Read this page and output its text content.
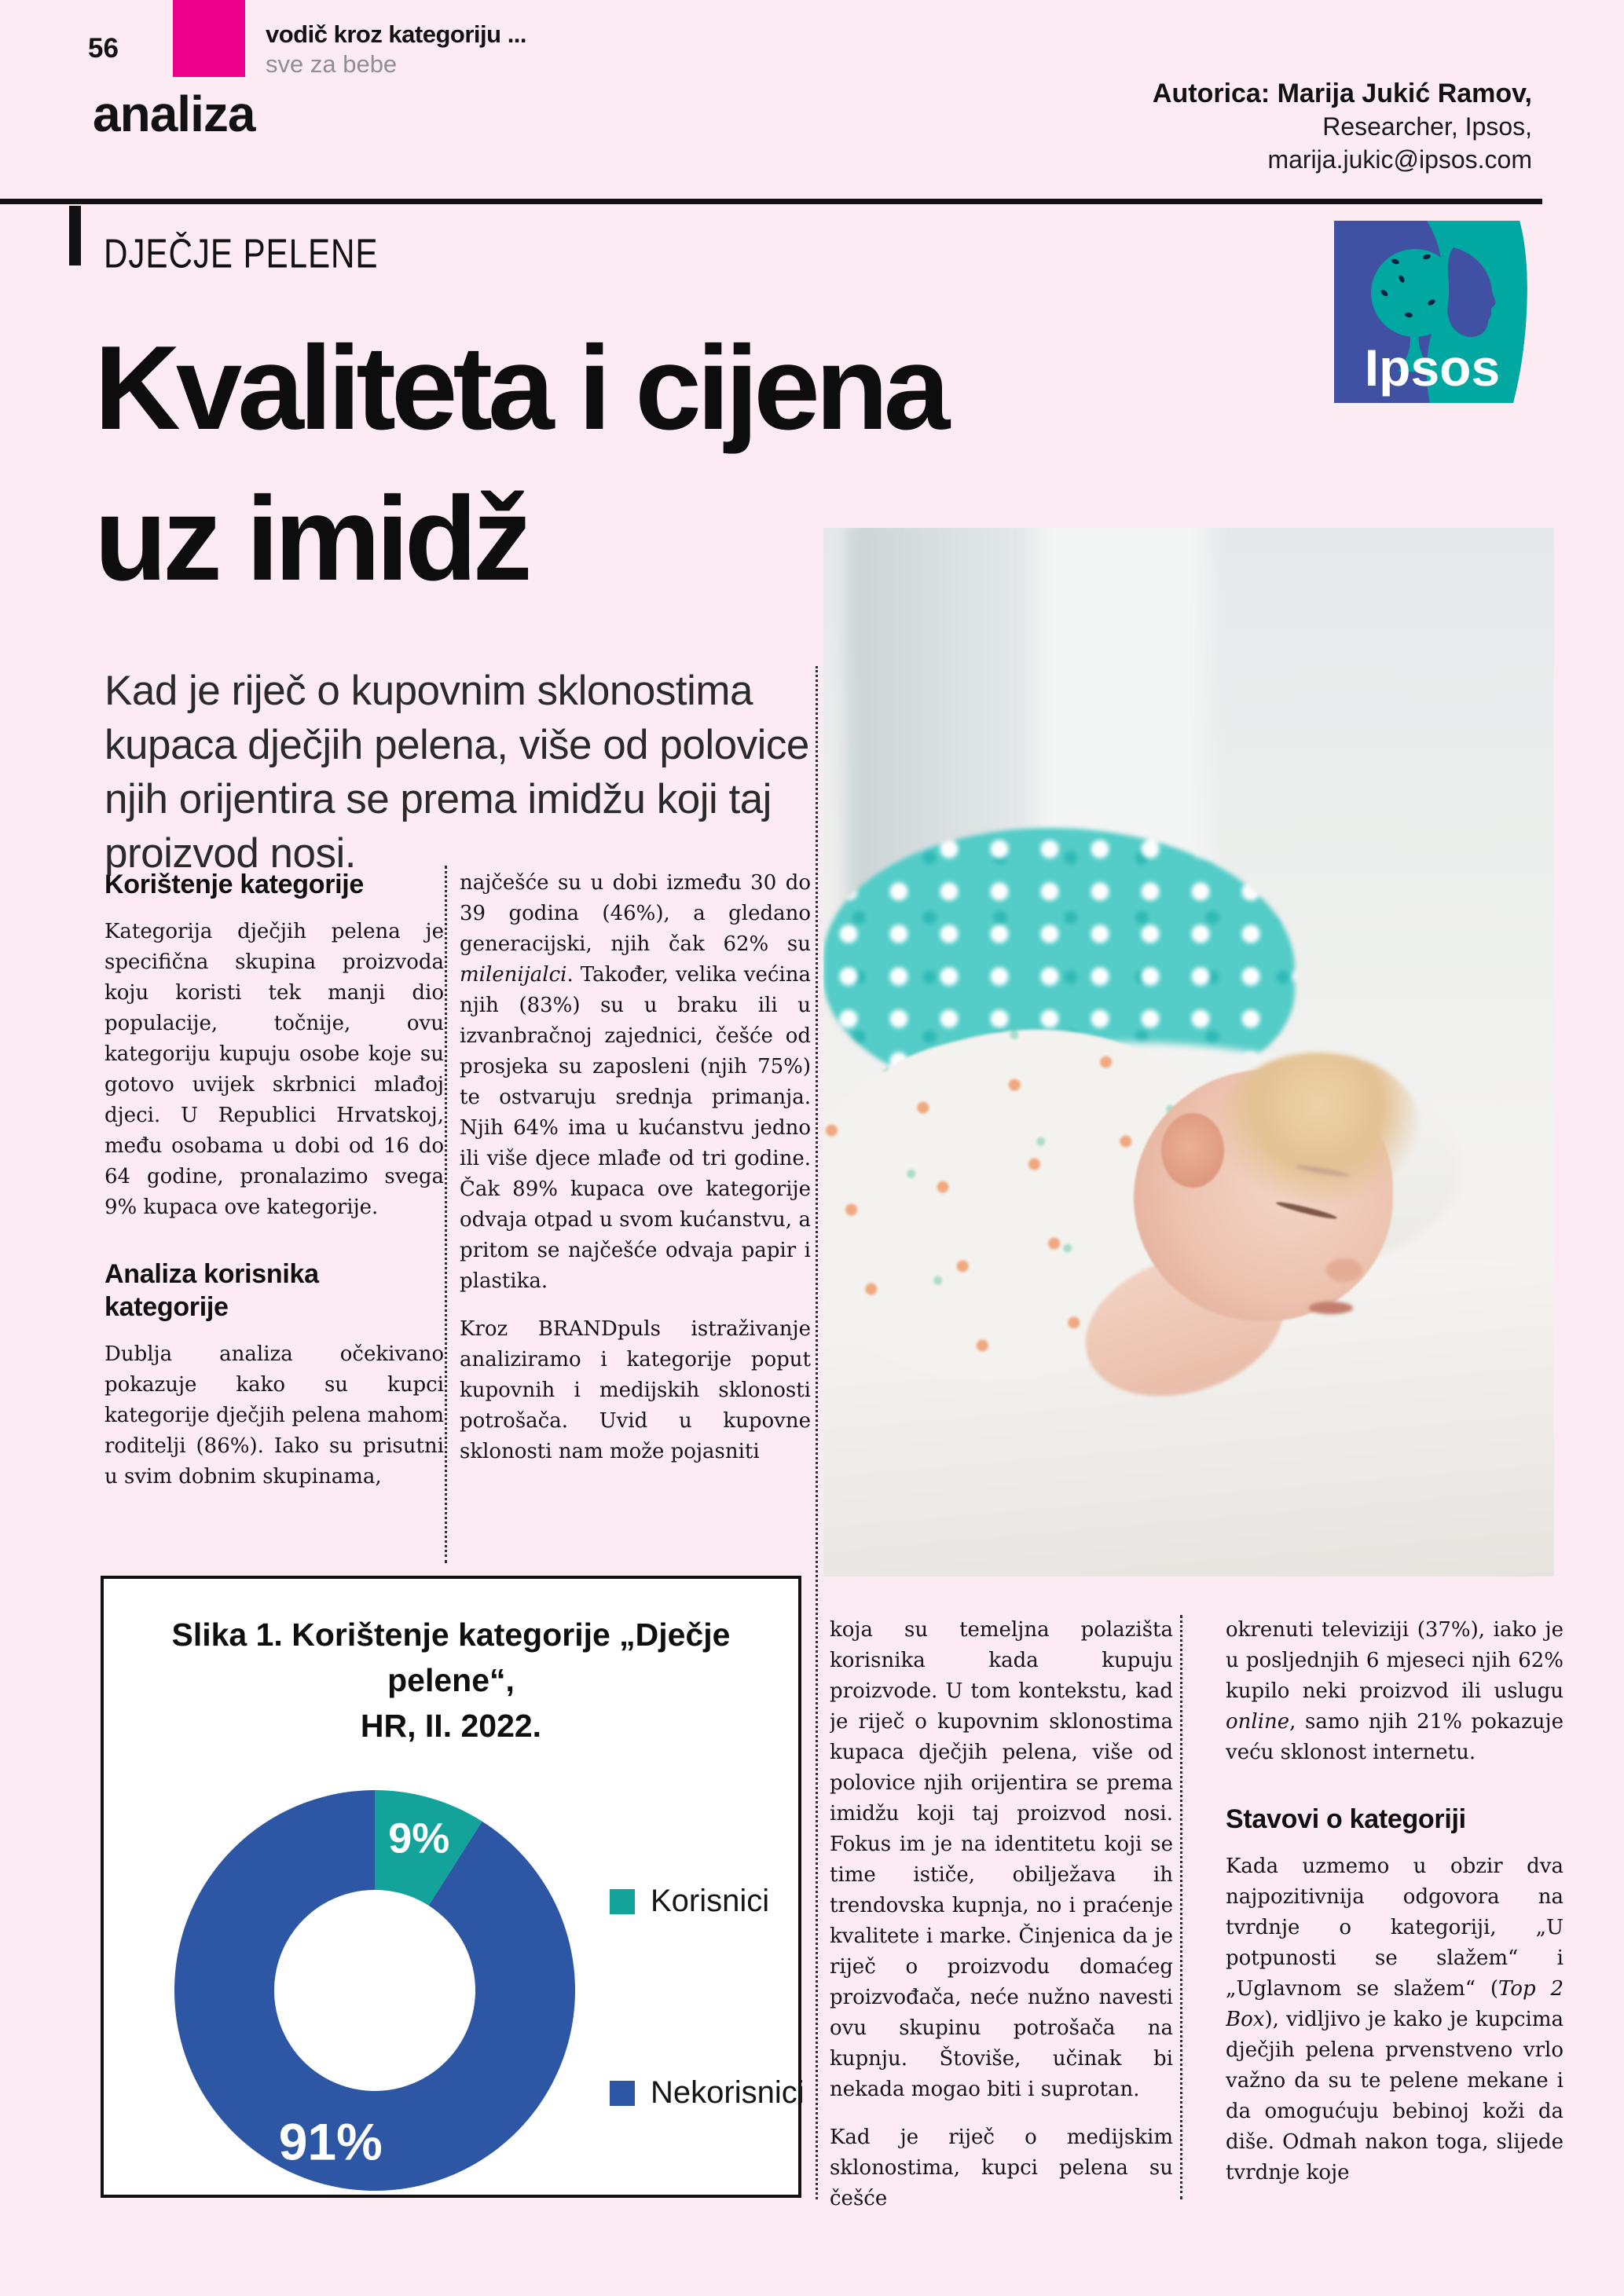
56	vodič kroz kategoriju ...
sve za bebe
analiza	Autorica: Marija Jukić Ramov,
Researcher, Ipsos,
marija.jukic@ipsos.com
DJEČJE PELENE
Ipsos
Kvaliteta i cijena
uz imidž
Kad je riječ o kupovnim sklonostima kupaca dječjih pelena, više od polovice njih orijentira se prema imidžu koji taj proizvod nosi.
Korištenje kategorije

Kategorija dječjih pelena je specifična skupina proizvoda koju koristi tek manji dio populacije, točnije, ovu kategoriju kupuju osobe koje su gotovo uvijek skrbnici mlađoj djeci. U Republici Hrvatskoj, među osobama u dobi od 16 do 64 godine, pronalazimo svega 9% kupaca ove kategorije.

Analiza korisnika kategorije

Dublja analiza očekivano pokazuje kako su kupci kategorije dječjih pelena mahom roditelji (86%). Iako su prisutni u svim dobnim skupinama,

najčešće su u dobi između 30 do 39 godina (46%), a gledano generacijski, njih čak 62% su milenijalci. Također, velika većina njih (83%) su u braku ili u izvanbračnoj zajednici, češće od prosjeka su zaposleni (njih 75%) te ostvaruju srednja primanja. Njih 64% ima u kućanstvu jedno ili više djece mlađe od tri godine. Čak 89% kupaca ove kategorije odvaja otpad u svom kućanstvu, a pritom se najčešće odvaja papir i plastika.

Kroz BRANDpuls istraživanje analiziramo i kategorije poput kupovnih i medijskih sklonosti potrošača. Uvid u kupovne sklonosti nam može pojasniti

Slika 1. Korištenje kategorije „Dječje pelene“,
HR, II. 2022.
9%
91%
Korisnici
Nekorisnici

koja su temeljna polazišta korisnika kada kupuju proizvode. U tom kontekstu, kad je riječ o kupovnim sklonostima kupaca dječjih pelena, više od polovice njih orijentira se prema imidžu koji taj proizvod nosi. Fokus im je na identitetu koji se time ističe, obilježava ih trendovska kupnja, no i praćenje kvalitete i marke. Činjenica da je riječ o proizvodu domaćeg proizvođača, neće nužno navesti ovu skupinu potrošača na kupnju. Štoviše, učinak bi nekada mogao biti i suprotan.

Kad je riječ o medijskim sklonostima, kupci pelena su češće

okrenuti televiziji (37%), iako je u posljednjih 6 mjeseci njih 62% kupilo neki proizvod ili uslugu online, samo njih 21% pokazuje veću sklonost internetu.

Stavovi o kategoriji

Kada uzmemo u obzir dva najpozitivnija odgovora na tvrdnje o kategoriji, „U potpunosti se slažem“ i „Uglavnom se slažem“ (Top 2 Box), vidljivo je kako je kupcima dječjih pelena prvenstveno vrlo važno da su te pelene mekane i da omogućuju bebinoj koži da diše. Odmah nakon toga, slijede tvrdnje koje
